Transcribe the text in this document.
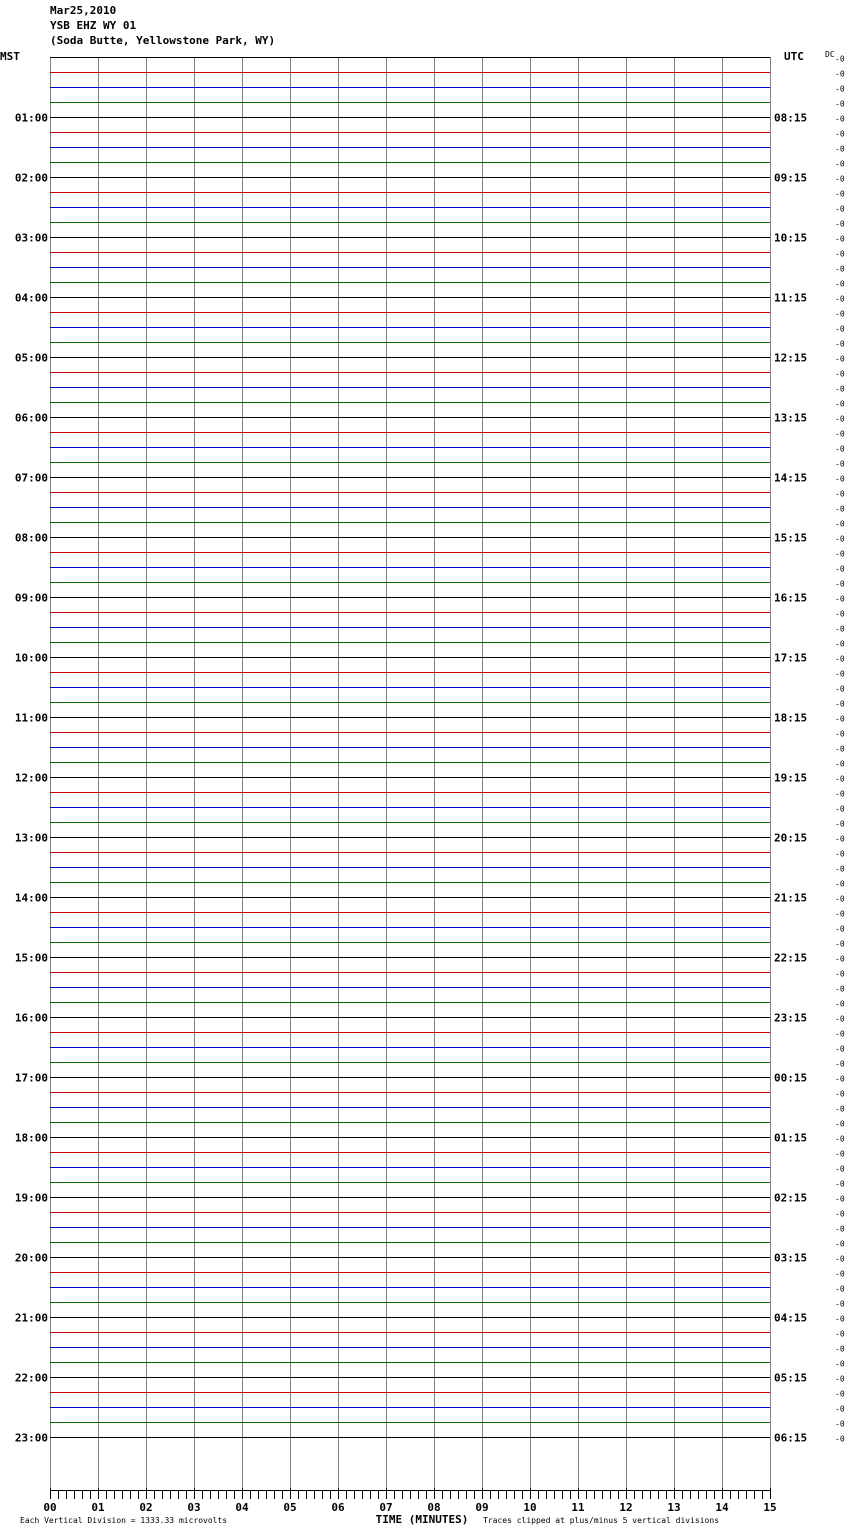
Mar25,2010
YSB EHZ WY 01
(Soda Butte, Yellowstone Park, WY)
-0
-0
-0
-0
-0
-0
-0
-0
-0
-0
-0
-0
-0
-0
-0
-0
-0
-0
-0
-0
-0
-0
-0
-0
-0
-0
-0
-0
-0
-0
-0
-0
-0
-0
-0
-0
-0
-0
-0
-0
-0
-0
-0
-0
-0
-0
-0
-0
-0
-0
-0
-0
-0
-0
-0
-0
-0
-0
-0
-0
-0
-0
-0
-0
-0
-0
-0
-0
-0
-0
-0
-0
-0
-0
-0
-0
-0
-0
-0
-0
-0
-0
-0
-0
-0
-0
-0
-0
-0
-0
-0
-0
-0
MST	UTC	DC
01:00
02:00
03:00
04:00
05:00
06:00
07:00
08:00
09:00
10:00
11:00
12:00
13:00
14:00
15:00
16:00
17:00
18:00
19:00
20:00
21:00
22:00
23:00
08:15
09:15
10:15
11:15
12:15
13:15
14:15
15:15
16:15
17:15
18:15
19:15
20:15
21:15
22:15
23:15
00:15
01:15
02:15
03:15
04:15
05:15
06:15
00	01	02	03	04	05	06	07	08	09	10	11	12	13	14	15
TIME (MINUTES)
Each Vertical Division = 1333.33 microvolts	Traces clipped at plus/minus 5 vertical divisions
